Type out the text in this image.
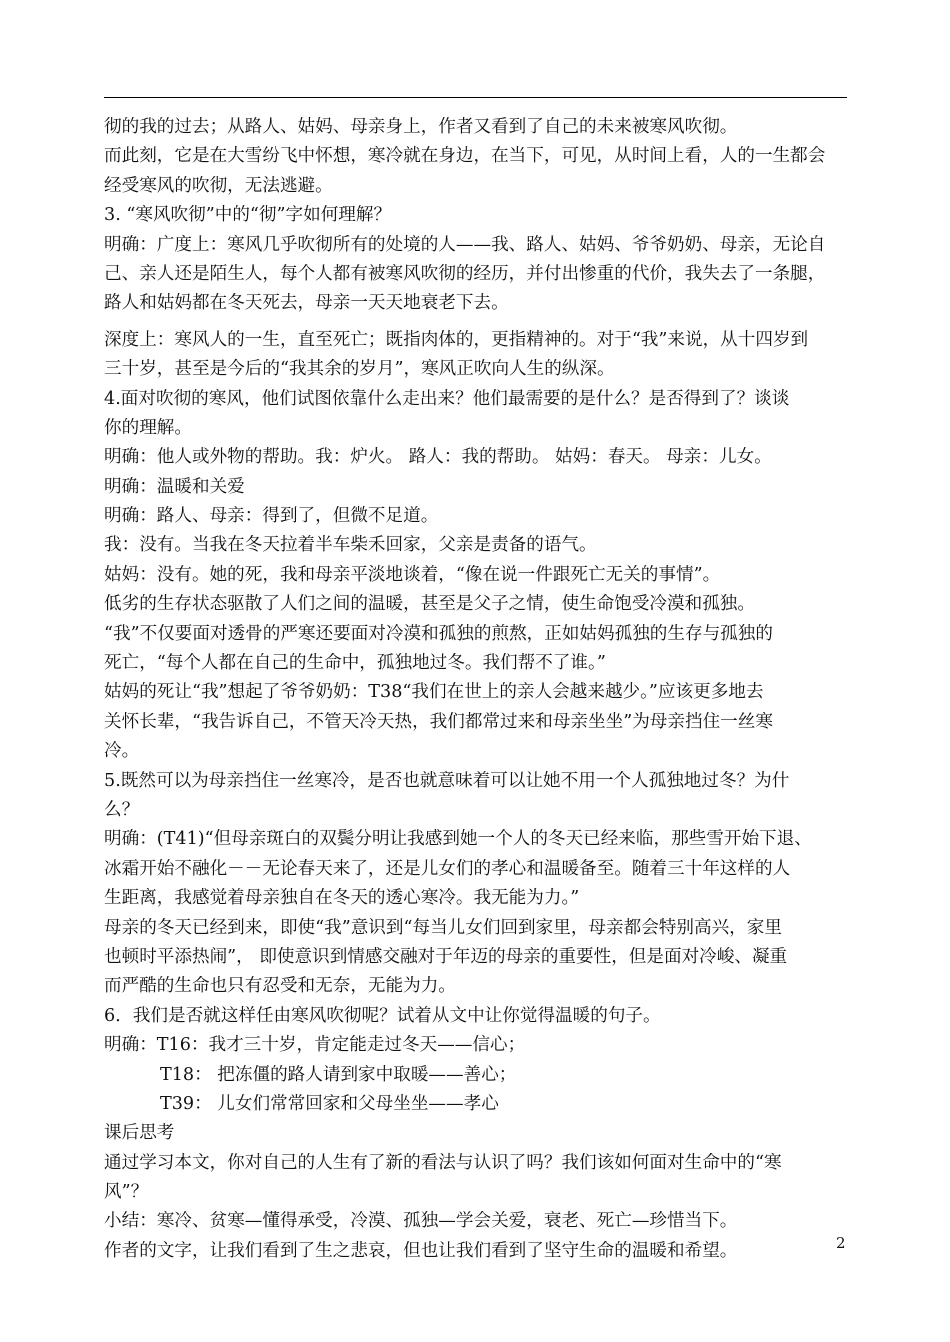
彻的我的过去；从路人、姑妈、母亲身上，作者又看到了自己的未来被寒风吹彻。
而此刻，它是在大雪纷飞中怀想，寒冷就在身边，在当下，可见，从时间上看，人的一生都会
经受寒风的吹彻，无法逃避。
3. “寒风吹彻”中的“彻”字如何理解？
明确：广度上：寒风几乎吹彻所有的处境的人——我、路人、姑妈、爷爷奶奶、母亲，无论自
己、亲人还是陌生人，每个人都有被寒风吹彻的经历，并付出惨重的代价，我失去了一条腿，
路人和姑妈都在冬天死去，母亲一天天地衰老下去。
深度上：寒风人的一生，直至死亡；既指肉体的，更指精神的。对于“我”来说，从十四岁到
三十岁，甚至是今后的“我其余的岁月”，寒风正吹向人生的纵深。
4.面对吹彻的寒风，他们试图依靠什么走出来？他们最需要的是什么？是否得到了？谈谈
你的理解。
明确：他人或外物的帮助。我：炉火。 路人：我的帮助。 姑妈：春天。 母亲：儿女。
明确：温暖和关爱
明确：路人、母亲：得到了，但微不足道。
我：没有。当我在冬天拉着半车柴禾回家，父亲是责备的语气。
姑妈：没有。她的死，我和母亲平淡地谈着，“像在说一件跟死亡无关的事情”。
低劣的生存状态驱散了人们之间的温暖，甚至是父子之情，使生命饱受冷漠和孤独。
“我”不仅要面对透骨的严寒还要面对冷漠和孤独的煎熬，正如姑妈孤独的生存与孤独的
死亡，“每个人都在自己的生命中，孤独地过冬。我们帮不了谁。”
姑妈的死让“我”想起了爷爷奶奶：T38“我们在世上的亲人会越来越少。”应该更多地去
关怀长辈，“我告诉自己，不管天冷天热，我们都常过来和母亲坐坐”为母亲挡住一丝寒
冷。
5.既然可以为母亲挡住一丝寒冷，是否也就意味着可以让她不用一个人孤独地过冬？为什
么？
明确：(T41)“但母亲斑白的双鬓分明让我感到她一个人的冬天已经来临，那些雪开始下退、
冰霜开始不融化－－无论春天来了，还是儿女们的孝心和温暖备至。随着三十年这样的人
生距离，我感觉着母亲独自在冬天的透心寒冷。我无能为力。”
母亲的冬天已经到来，即使“我”意识到“每当儿女们回到家里，母亲都会特别高兴，家里
也顿时平添热闹”， 即使意识到情感交融对于年迈的母亲的重要性，但是面对冷峻、凝重
而严酷的生命也只有忍受和无奈，无能为力。
6．我们是否就这样任由寒风吹彻呢？试着从文中让你觉得温暖的句子。
明确：T16：我才三十岁，肯定能走过冬天——信心；
T18： 把冻僵的路人请到家中取暖——善心；
T39： 儿女们常常回家和父母坐坐——孝心
课后思考
通过学习本文，你对自己的人生有了新的看法与认识了吗？我们该如何面对生命中的“寒
风”？
小结：寒冷、贫寒—懂得承受，冷漠、孤独—学会关爱，衰老、死亡—珍惜当下。
作者的文字，让我们看到了生之悲哀，但也让我们看到了坚守生命的温暖和希望。	2
